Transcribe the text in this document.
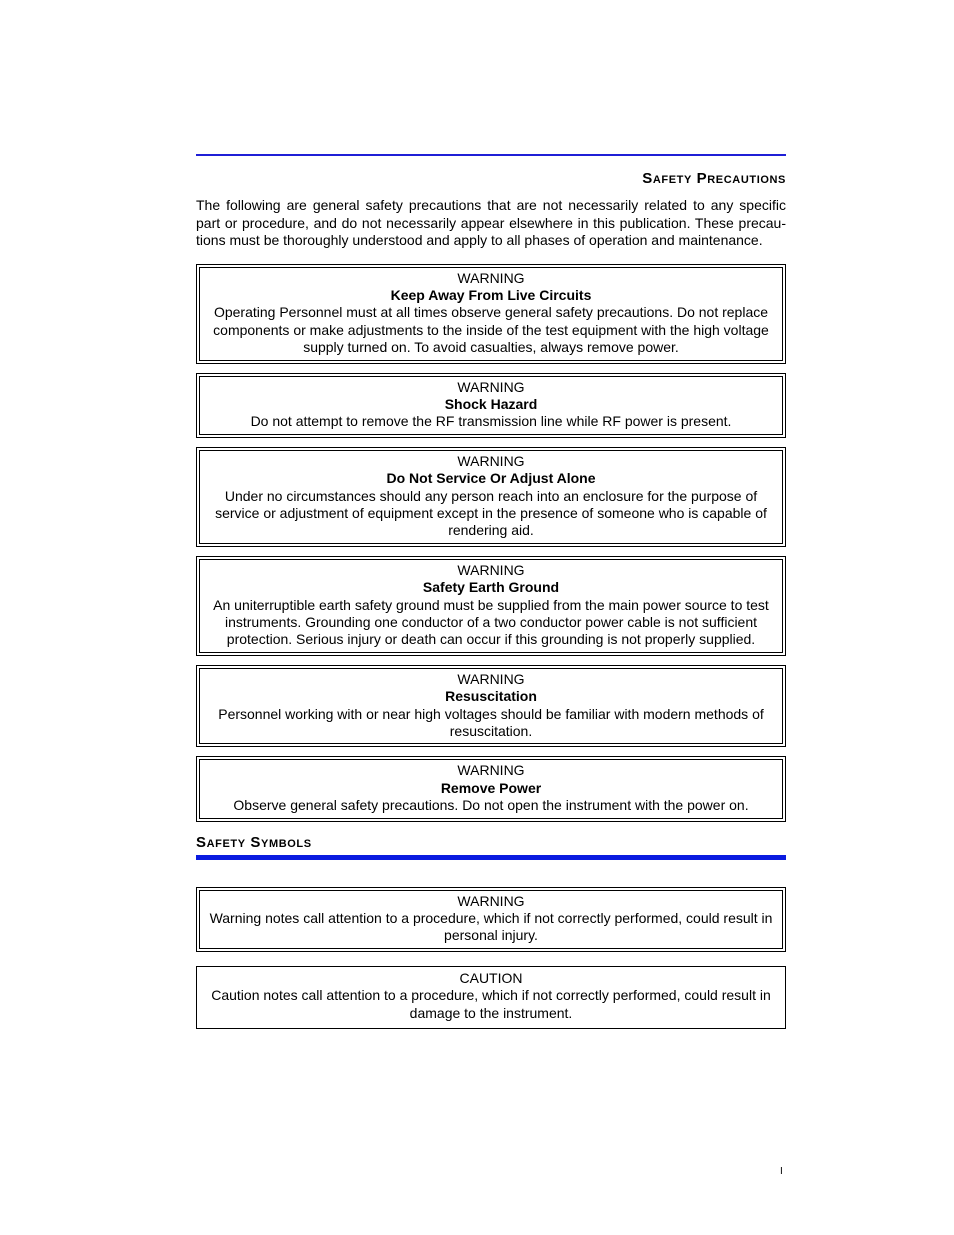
Safety Precautions
The following are general safety precautions that are not necessarily related to any specific part or procedure, and do not necessarily appear elsewhere in this publication. These precau- tions must be thoroughly understood and apply to all phases of operation and maintenance.
WARNING
Keep Away From Live Circuits
Operating Personnel must at all times observe general safety precautions. Do not replace components or make adjustments to the inside of the test equipment with the high voltage supply turned on. To avoid casualties, always remove power.
WARNING
Shock Hazard
Do not attempt to remove the RF transmission line while RF power is present.
WARNING
Do Not Service Or Adjust Alone
Under no circumstances should any person reach into an enclosure for the purpose of service or adjustment of equipment except in the presence of someone who is capable of rendering aid.
WARNING
Safety Earth Ground
An uniterruptible earth safety ground must be supplied from the main power source to test instruments. Grounding one conductor of a two conductor power cable is not sufficient protection. Serious injury or death can occur if this grounding is not properly supplied.
WARNING
Resuscitation
Personnel working with or near high voltages should be familiar with modern methods of resuscitation.
WARNING
Remove Power
Observe general safety precautions. Do not open the instrument with the power on.
Safety Symbols
WARNING
Warning notes call attention to a procedure, which if not correctly performed, could result in personal injury.
CAUTION
Caution notes call attention to a procedure, which if not correctly performed, could result in damage to the instrument.
I
